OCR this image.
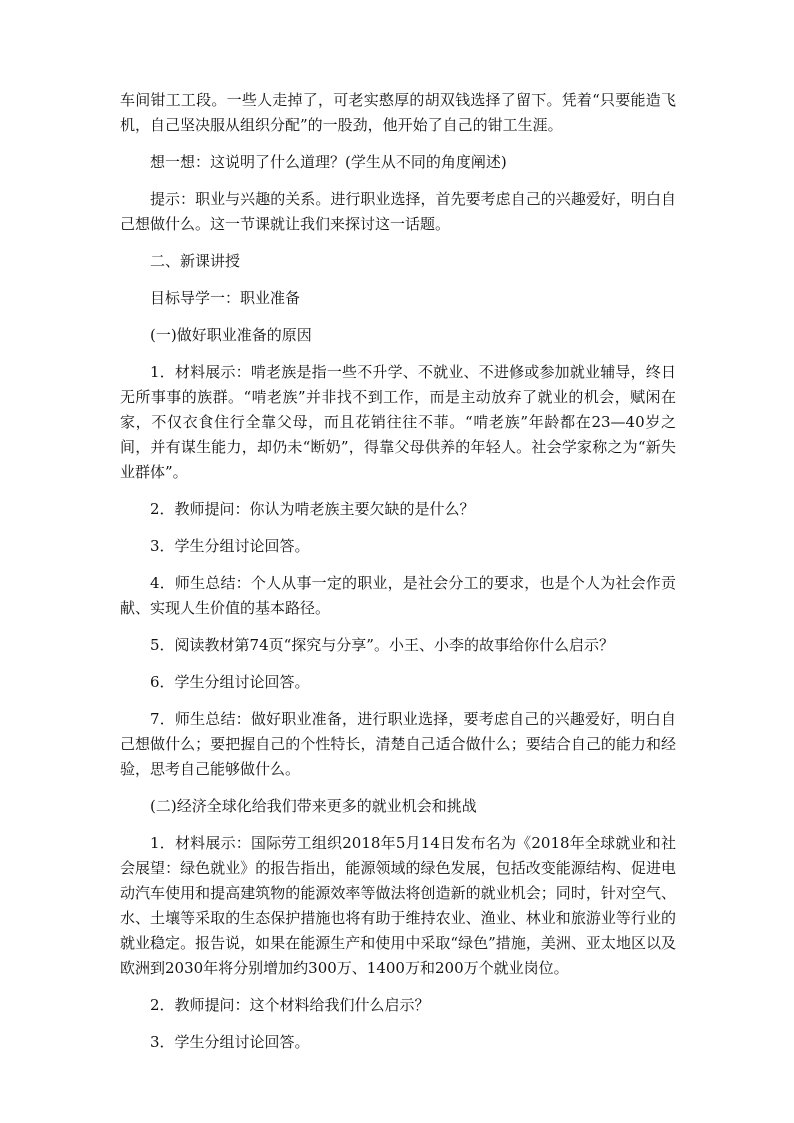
车间钳工工段。一些人走掉了，可老实憨厚的胡双钱选择了留下。凭着“只要能造飞机，自己坚决服从组织分配”的一股劲，他开始了自己的钳工生涯。

想一想：这说明了什么道理？(学生从不同的角度阐述)

提示：职业与兴趣的关系。进行职业选择，首先要考虑自己的兴趣爱好，明白自己想做什么。这一节课就让我们来探讨这一话题。

二、新课讲授

目标导学一：职业准备

(一)做好职业准备的原因

1．材料展示：啃老族是指一些不升学、不就业、不进修或参加就业辅导，终日无所事事的族群。“啃老族”并非找不到工作，而是主动放弃了就业的机会，赋闲在家，不仅衣食住行全靠父母，而且花销往往不菲。“啃老族”年龄都在23—40岁之间，并有谋生能力，却仍未“断奶”，得靠父母供养的年轻人。社会学家称之为“新失业群体”。

2．教师提问：你认为啃老族主要欠缺的是什么？

3．学生分组讨论回答。

4．师生总结：个人从事一定的职业，是社会分工的要求，也是个人为社会作贡献、实现人生价值的基本路径。

5．阅读教材第74页“探究与分享”。小王、小李的故事给你什么启示？

6．学生分组讨论回答。

7．师生总结：做好职业准备，进行职业选择，要考虑自己的兴趣爱好，明白自己想做什么；要把握自己的个性特长，清楚自己适合做什么；要结合自己的能力和经验，思考自己能够做什么。

(二)经济全球化给我们带来更多的就业机会和挑战

1．材料展示：国际劳工组织2018年5月14日发布名为《2018年全球就业和社会展望：绿色就业》的报告指出，能源领域的绿色发展，包括改变能源结构、促进电动汽车使用和提高建筑物的能源效率等做法将创造新的就业机会；同时，针对空气、水、土壤等采取的生态保护措施也将有助于维持农业、渔业、林业和旅游业等行业的就业稳定。报告说，如果在能源生产和使用中采取“绿色”措施，美洲、亚太地区以及欧洲到2030年将分别增加约300万、1400万和200万个就业岗位。

2．教师提问：这个材料给我们什么启示？

3．学生分组讨论回答。
